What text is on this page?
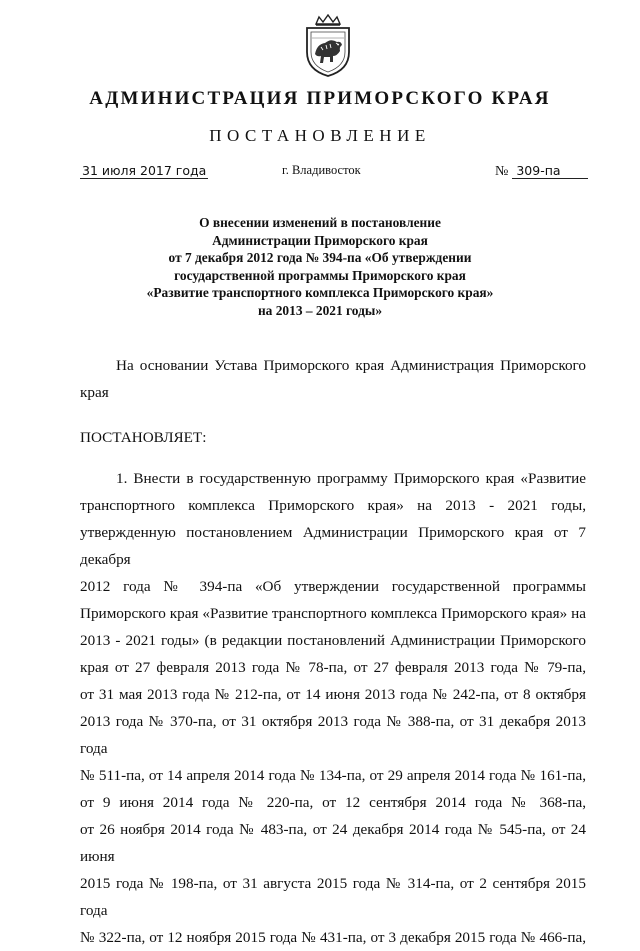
АДМИНИСТРАЦИЯ ПРИМОРСКОГО КРАЯ
ПОСТАНОВЛЕНИЕ
31 июля 2017 года	г. Владивосток	№ 309-па
О внесении изменений в постановление
Администрации Приморского края
от 7 декабря 2012 года № 394-па «Об утверждении
государственной программы Приморского края
«Развитие транспортного комплекса Приморского края»
на 2013 – 2021 годы»
На основании Устава Приморского края Администрация Приморского
края
ПОСТАНОВЛЯЕТ:
1. Внести в государственную программу Приморского края «Развитие
транспортного комплекса Приморского края» на 2013 - 2021 годы,
утвержденную постановлением Администрации Приморского края от 7 декабря
2012 года № 394-па «Об утверждении государственной программы
Приморского края «Развитие транспортного комплекса Приморского края» на
2013 - 2021 годы» (в редакции постановлений Администрации Приморского
края от 27 февраля 2013 года № 78-па, от 27 февраля 2013 года № 79-па,
от 31 мая 2013 года № 212-па, от 14 июня 2013 года № 242-па, от 8 октября
2013 года № 370-па, от 31 октября 2013 года № 388-па, от 31 декабря 2013 года
№ 511-па, от 14 апреля 2014 года № 134-па, от 29 апреля 2014 года № 161-па,
от 9 июня 2014 года № 220-па, от 12 сентября 2014 года № 368-па,
от 26 ноября 2014 года № 483-па, от 24 декабря 2014 года № 545-па, от 24 июня
2015 года № 198-па, от 31 августа 2015 года № 314-па, от 2 сентября 2015 года
№ 322-па, от 12 ноября 2015 года № 431-па, от 3 декабря 2015 года № 466-па,
